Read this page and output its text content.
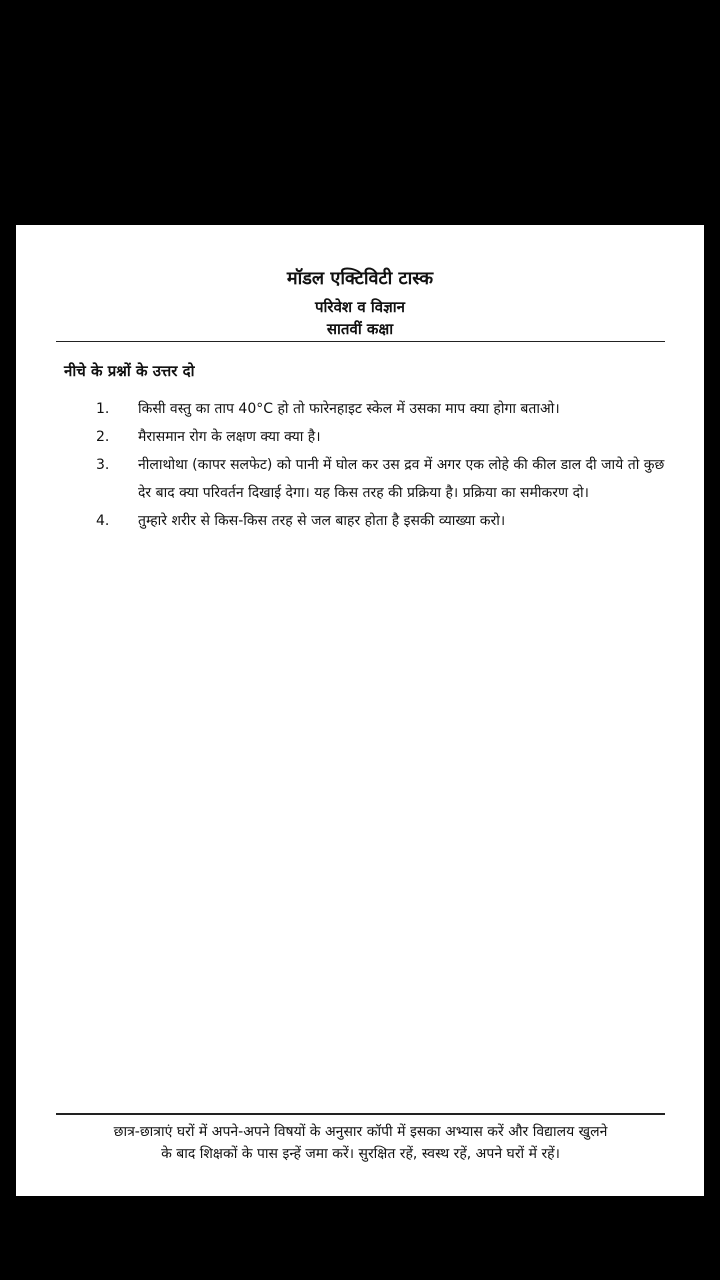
मॉडल एक्टिविटी टास्क
परिवेश व विज्ञान
सातवीं कक्षा
नीचे के प्रश्नों के उत्तर दो
1.	किसी वस्तु का ताप 40°C हो तो फारेनहाइट स्केल में उसका माप क्या होगा बताओ।
2.	मैरासमान रोग के लक्षण क्या क्या है।
3.	नीलाथोथा (कापर सलफेट) को पानी में घोल कर उस द्रव में अगर एक लोहे की कील डाल दी जाये तो कुछ देर बाद क्या परिवर्तन दिखाई देगा। यह किस तरह की प्रक्रिया है। प्रक्रिया का समीकरण दो।
4.	तुम्हारे शरीर से किस-किस तरह से जल बाहर होता है इसकी व्याख्या करो।
छात्र-छात्राएं घरों में अपने-अपने विषयों के अनुसार कॉपी में इसका अभ्यास करें और विद्यालय खुलने
के बाद शिक्षकों के पास इन्हें जमा करें। सुरक्षित रहें, स्वस्थ रहें, अपने घरों में रहें।
